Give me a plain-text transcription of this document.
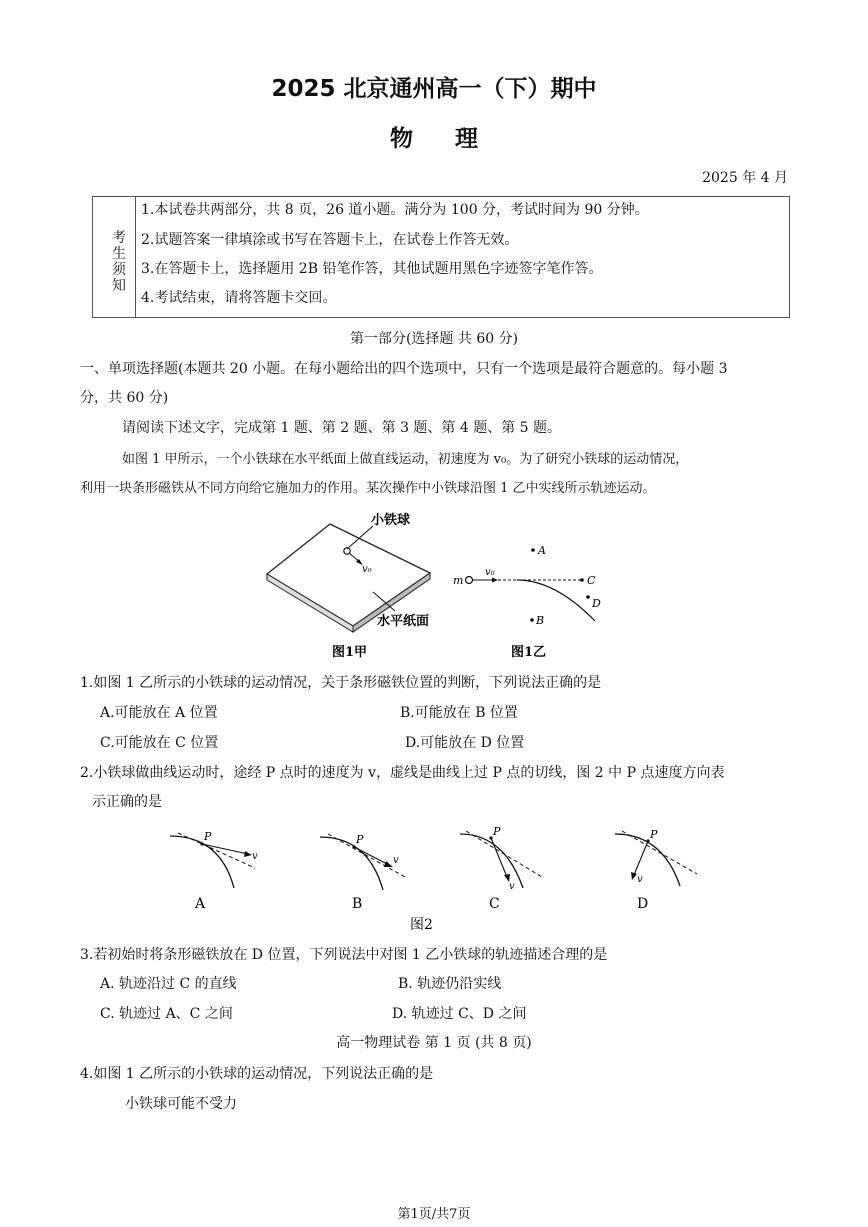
2025 北京通州高一（下）期中
物理
2025 年 4 月
考
生
须
知
1.本试卷共两部分，共 8 页，26 道小题。满分为 100 分，考试时间为 90 分钟。
2.试题答案一律填涂或书写在答题卡上，在试卷上作答无效。
3.在答题卡上，选择题用 2B 铅笔作答，其他试题用黑色字迹签字笔作答。
4.考试结束，请将答题卡交回。
第一部分(选择题 共 60 分)
一、单项选择题(本题共 20 小题。在每小题给出的四个选项中，只有一个选项是最符合题意的。每小题 3
分，共 60 分)
请阅读下述文字，完成第 1 题、第 2 题、第 3 题、第 4 题、第 5 题。
如图 1 甲所示，一个小铁球在水平纸面上做直线运动，初速度为 v₀。为了研究小铁球的运动情况，
利用一块条形磁铁从不同方向给它施加力的作用。某次操作中小铁球沿图 1 乙中实线所示轨迹运动。
v₀
小铁球
水平纸面
图1甲
m
v₀
A
C
D
B
图1乙
1.如图 1 乙所示的小铁球的运动情况，关于条形磁铁位置的判断，下列说法正确的是
A.可能放在 A 位置	B.可能放在 B 位置
C.可能放在 C 位置	D.可能放在 D 位置
2.小铁球做曲线运动时，途经 P 点时的速度为 v，虚线是曲线上过 P 点的切线，图 2 中 P 点速度方向表
示正确的是
P
v
A
P
v
B
P
v
C
P
v
D
图2
3.若初始时将条形磁铁放在 D 位置，下列说法中对图 1 乙小铁球的轨迹描述合理的是
A. 轨迹沿过 C 的直线	B. 轨迹仍沿实线
C. 轨迹过 A、C 之间	D. 轨迹过 C、D 之间
高一物理试卷 第 1 页 (共 8 页)
4.如图 1 乙所示的小铁球的运动情况，下列说法正确的是
小铁球可能不受力
第1页/共7页
